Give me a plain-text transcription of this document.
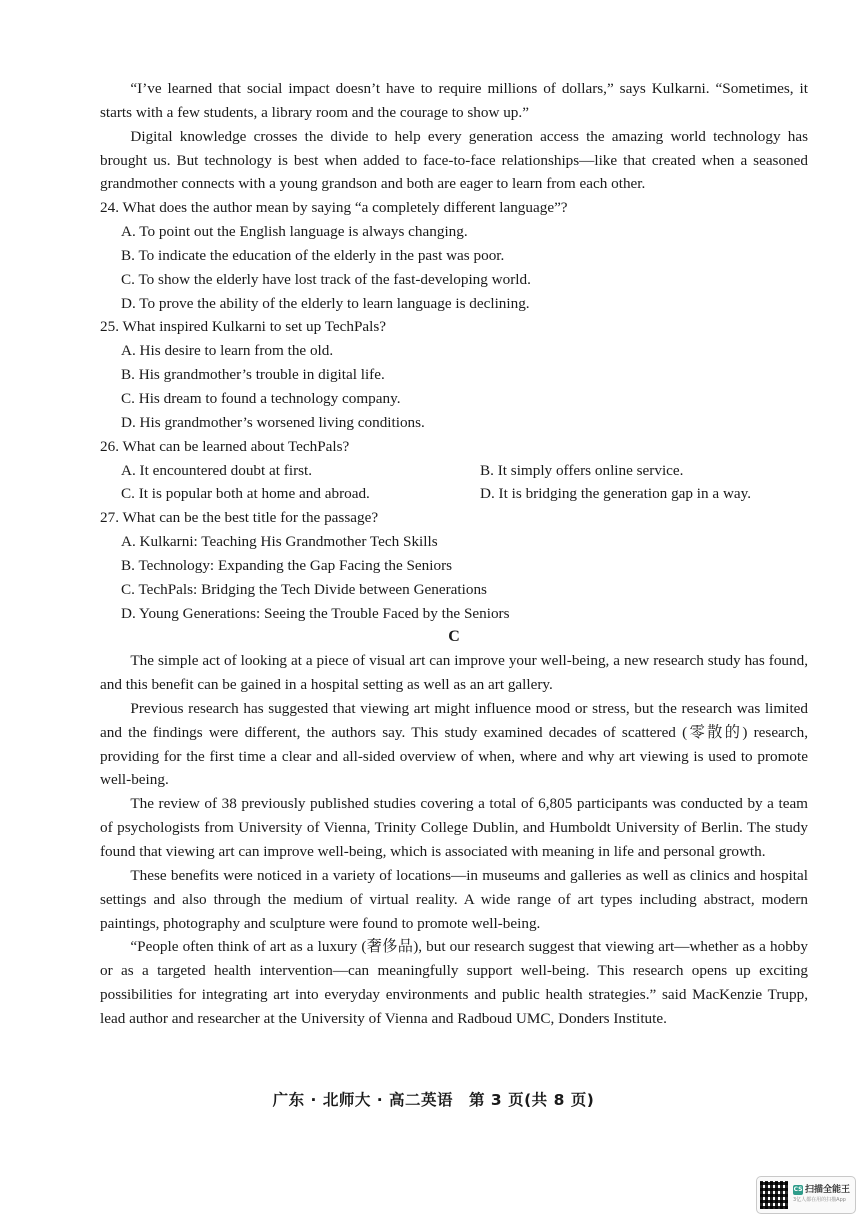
“I’ve learned that social impact doesn’t have to require millions of dollars,” says Kulkarni. “Sometimes, it starts with a few students, a library room and the courage to show up.”

Digital knowledge crosses the divide to help every generation access the amazing world technology has brought us. But technology is best when added to face-to-face relationships—like that created when a seasoned grandmother connects with a young grandson and both are eager to learn from each other.

24. What does the author mean by saying “a completely different language”?

A. To point out the English language is always changing.

B. To indicate the education of the elderly in the past was poor.

C. To show the elderly have lost track of the fast-developing world.

D. To prove the ability of the elderly to learn language is declining.

25. What inspired Kulkarni to set up TechPals?

A. His desire to learn from the old.

B. His grandmother’s trouble in digital life.

C. His dream to found a technology company.

D. His grandmother’s worsened living conditions.

26. What can be learned about TechPals?

A. It encountered doubt at first.	B. It simply offers online service.
C. It is popular both at home and abroad.	D. It is bridging the generation gap in a way.

27. What can be the best title for the passage?

A. Kulkarni: Teaching His Grandmother Tech Skills

B. Technology: Expanding the Gap Facing the Seniors

C. TechPals: Bridging the Tech Divide between Generations

D. Young Generations: Seeing the Trouble Faced by the Seniors

C

The simple act of looking at a piece of visual art can improve your well-being, a new research study has found, and this benefit can be gained in a hospital setting as well as an art gallery.

Previous research has suggested that viewing art might influence mood or stress, but the research was limited and the findings were different, the authors say. This study examined decades of scattered (零散的) research, providing for the first time a clear and all-sided overview of when, where and why art viewing is used to promote well-being.

The review of 38 previously published studies covering a total of 6,805 participants was conducted by a team of psychologists from University of Vienna, Trinity College Dublin, and Humboldt University of Berlin. The study found that viewing art can improve well-being, which is associated with meaning in life and personal growth.

These benefits were noticed in a variety of locations—in museums and galleries as well as clinics and hospital settings and also through the medium of virtual reality. A wide range of art types including abstract, modern paintings, photography and sculpture were found to promote well-being.

“People often think of art as a luxury (奢侈品), but our research suggest that viewing art—whether as a hobby or as a targeted health intervention—can meaningfully support well-being. This research opens up exciting possibilities for integrating art into everyday environments and public health strategies.” said MacKenzie Trupp, lead author and researcher at the University of Vienna and Radboud UMC, Donders Institute.

广东 · 北师大 · 高二英语　第 3 页(共 8 页)
CS 扫描全能王
3亿人都在用的扫描App
